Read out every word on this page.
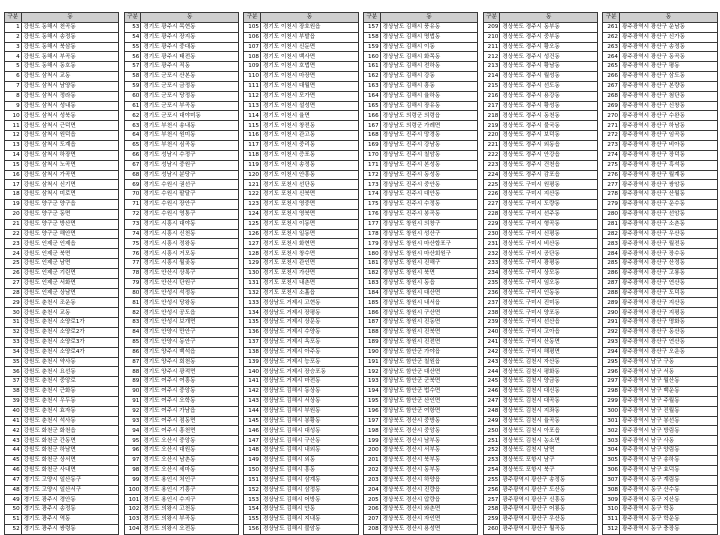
구분	동		구분	동		구분	동		구분	동		구분	동		구분	동
1	강원도 동해시 천곡동		53	경기도 광주시 목현동		105	경기도 이천시 장호원읍		157	경상남도 김해시 풍유동		209	경상북도 경주시 동부동		261	광주광역시 광산구 운남동
2	강원도 동해시 송정동		54	경기도 광주시 장지동		106	경기도 이천시 부발읍		158	경상남도 김해시 명법동		210	경상북도 경주시 중부동		262	광주광역시 광산구 신가동
3	강원도 동해시 북삼동		55	경기도 광주시 중대동		107	경기도 이천시 신둔면		159	경상남도 김해시 이동		211	경상북도 경주시 황오동		263	광주광역시 광산구 송정동
4	강원도 동해시 부곡동		56	경기도 광주시 태전동		108	경기도 이천시 백사면		160	경상남도 김해시 화목동		212	경상북도 경주시 성건동		264	광주광역시 광산구 동곡동
5	강원도 동해시 동호동		57	경기도 광주시 직동		109	경기도 이천시 호법면		161	경상남도 김해시 전하동		213	경상북도 경주시 황남동		265	광주광역시 광산구 평동
6	강원도 삼척시 교동		58	경기도 군포시 산본동		110	경기도 이천시 마장면		162	경상남도 김해시 강동		214	경상북도 경주시 월성동		266	광주광역시 광산구 삼도동
7	강원도 삼척시 남양동		59	경기도 군포시 금정동		111	경기도 이천시 대월면		163	경상남도 김해시 흥동		215	경상북도 경주시 선도동		267	광주광역시 광산구 본량동
8	강원도 삼척시 정라동		60	경기도 군포시 당정동		112	경기도 이천시 모가면		164	경상남도 김해시 율하동		216	경상북도 경주시 용강동		268	광주광역시 광산구 첨단동
9	강원도 삼척시 성내동		61	경기도 군포시 부곡동		113	경기도 이천시 설성면		165	경상남도 김해시 장유동		217	경상북도 경주시 황성동		269	광주광역시 광산구 신창동
10	강원도 삼척시 성북동		62	경기도 군포시 대야미동		114	경기도 이천시 율면		166	경상남도 의령군 의령읍		218	경상북도 경주시 동천동		270	광주광역시 광산구 수완동
11	강원도 삼척시 근덕면		63	경기도 부천시 송내동		115	경기도 이천시 창전동		167	경상남도 의령군 가례면		219	경상북도 경주시 불국동		271	광주광역시 광산구 하남동
12	강원도 삼척시 원덕읍		64	경기도 부천시 원미동		116	경기도 이천시 관고동		168	경상남도 진주시 망경동		220	경상북도 경주시 보덕동		272	광주광역시 광산구 임곡동
13	강원도 삼척시 도계읍		65	경기도 부천시 심곡동		117	경기도 이천시 중리동		169	경상남도 진주시 강남동		221	경상북도 경주시 외동읍		273	광주광역시 광산구 비아동
14	강원도 삼척시 하장면		66	경기도 성남시 수정구		118	경기도 이천시 증포동		170	경상남도 진주시 칠암동		222	경상북도 경주시 안강읍		274	광주광역시 광산구 장덕동
15	강원도 삼척시 노곡면		67	경기도 성남시 중원구		119	경기도 이천시 송정동		171	경상남도 진주시 본성동		223	경상북도 경주시 건천읍		275	광주광역시 광산구 흑석동
16	강원도 삼척시 가곡면		68	경기도 성남시 분당구		120	경기도 이천시 안흥동		172	경상남도 진주시 동성동		224	경상북도 경주시 감포읍		276	광주광역시 광산구 월계동
17	강원도 삼척시 신기면		69	경기도 수원시 권선구		121	경기도 포천시 선단동		173	경상남도 진주시 중안동		225	경상북도 구미시 원평동		277	광주광역시 광산구 쌍암동
18	강원도 삼척시 미로면		70	경기도 수원시 팔달구		122	경기도 포천시 신북면		174	경상남도 진주시 대안동		226	경상북도 구미시 지산동		278	광주광역시 광산구 산월동
19	강원도 양구군 양구읍		71	경기도 수원시 장안구		123	경기도 포천시 영중면		175	경상남도 진주시 수정동		227	경상북도 구미시 도량동		279	광주광역시 광산구 운수동
20	강원도 양구군 동면		72	경기도 수원시 영통구		124	경기도 포천시 영북면		176	경상남도 진주시 봉곡동		228	경상북도 구미시 선주동		280	광주광역시 광산구 선암동
21	강원도 양구군 방산면		73	경기도 시흥시 대야동		125	경기도 포천시 이동면		177	경상남도 창원시 의창구		229	경상북도 구미시 형곡동		281	광주광역시 광산구 소촌동
22	강원도 양구군 해안면		74	경기도 시흥시 신천동		126	경기도 포천시 일동면		178	경상남도 창원시 성산구		230	경상북도 구미시 신평동		282	광주광역시 광산구 우산동
23	강원도 인제군 인제읍		75	경기도 시흥시 정왕동		127	경기도 포천시 화현면		179	경상남도 창원시 마산합포구		231	경상북도 구미시 비산동		283	광주광역시 광산구 월전동
24	강원도 인제군 북면		76	경기도 시흥시 거모동		128	경기도 포천시 창수면		180	경상남도 창원시 마산회원구		232	경상북도 구미시 공단동		284	광주광역시 광산구 장수동
25	강원도 인제군 남면		77	경기도 시흥시 월곶동		129	경기도 포천시 관인면		181	경상남도 창원시 진해구		233	경상북도 구미시 광평동		285	광주광역시 광산구 산정동
26	강원도 인제군 기린면		78	경기도 안산시 상록구		130	경기도 포천시 가산면		182	경상남도 창원시 북면		234	경상북도 구미시 상모동		286	광주광역시 광산구 고룡동
27	강원도 인제군 서화면		79	경기도 안산시 단원구		131	경기도 포천시 내촌면		183	경상남도 창원시 동읍		235	경상북도 구미시 임오동		287	광주광역시 광산구 연산동
28	강원도 인제군 상남면		80	경기도 안성시 석정동		132	경기도 포천시 소흘읍		184	경상남도 창원시 대산면		236	경상북도 구미시 인동동		288	광주광역시 광산구 도덕동
29	강원도 춘천시 조운동		81	경기도 안성시 당왕동		133	경상남도 거제시 고현동		185	경상남도 창원시 내서읍		237	경상북도 구미시 진미동		289	광주광역시 광산구 지산동
30	강원도 춘천시 교동		82	경기도 안성시 공도읍		134	경상남도 거제시 장평동		186	경상남도 창원시 구산면		238	경상북도 구미시 양포동		290	광주광역시 광산구 지평동
31	강원도 춘천시 소양로1가		83	경기도 안성시 보개면		135	경상남도 거제시 상문동		187	경상남도 창원시 진동면		239	경상북도 구미시 선산읍		291	광주광역시 광산구 명화동
32	강원도 춘천시 소양로2가		84	경기도 안양시 만안구		136	경상남도 거제시 수양동		188	경상남도 창원시 진북면		240	경상북도 구미시 고아읍		292	광주광역시 광산구 동산동
33	강원도 춘천시 소양로3가		85	경기도 안양시 동안구		137	경상남도 거제시 옥포동		189	경상남도 창원시 진전면		241	경상북도 구미시 산동면		293	광주광역시 광산구 연산동
34	강원도 춘천시 소양로4가		86	경기도 양주시 백석읍		138	경상남도 거제시 아주동		190	경상남도 함안군 가야읍		242	경상북도 구미시 해평면		294	광주광역시 광산구 오운동
35	강원도 춘천시 약사동		87	경기도 양주시 회천동		139	경상남도 거제시 능포동		191	경상남도 함안군 칠원읍		243	경상북도 김천시 자산동		295	광주광역시 남구 구동
36	강원도 춘천시 요선동		88	경기도 양주시 광적면		140	경상남도 거제시 장승포동		192	경상남도 함안군 대산면		244	경상북도 김천시 평화동		296	광주광역시 남구 서동
37	강원도 춘천시 중앙로		89	경기도 여주시 여흥동		141	경상남도 거제시 마전동		193	경상남도 함안군 군북면		245	경상북도 김천시 양금동		297	광주광역시 남구 월산동
38	강원도 춘천시 근화동		90	경기도 여주시 중앙동		142	경상남도 김해시 동상동		194	경상남도 함안군 법수면		246	경상북도 김천시 대신동		298	광주광역시 남구 백운동
39	강원도 춘천시 우두동		91	경기도 여주시 오학동		143	경상남도 김해시 서상동		195	경상남도 함안군 산인면		247	경상북도 김천시 대곡동		299	광주광역시 남구 주월동
40	강원도 춘천시 효자동		92	경기도 여주시 가남읍		144	경상남도 김해시 부원동		196	경상남도 함안군 여항면		248	경상북도 김천시 지좌동		300	광주광역시 남구 진월동
41	강원도 춘천시 석사동		93	경기도 여주시 점동면		145	경상남도 김해시 봉황동		197	경상북도 경산시 중방동		249	경상북도 김천시 율곡동		301	광주광역시 남구 봉선동
42	강원도 화천군 화천읍		94	경기도 여주시 흥천면		146	경상남도 김해시 대성동		198	경상북도 경산시 중앙동		250	경상북도 김천시 아포읍		302	광주광역시 남구 방림동
43	강원도 화천군 간동면		95	경기도 오산시 중앙동		147	경상남도 김해시 구산동		199	경상북도 경산시 남부동		251	경상북도 김천시 농소면		303	광주광역시 남구 사동
44	강원도 화천군 하남면		96	경기도 오산시 대원동		148	경상남도 김해시 내외동		200	경상북도 경산시 서부동		252	경상북도 김천시 남면		304	광주광역시 남구 양림동
45	강원도 화천군 상서면		97	경기도 오산시 남촌동		149	경상남도 김해시 외동		201	경상북도 경산시 북부동		253	경상북도 포항시 남구		305	광주광역시 남구 송하동
46	강원도 화천군 사내면		98	경기도 오산시 세마동		150	경상남도 김해시 흥동		202	경상북도 경산시 동부동		254	경상북도 포항시 북구		306	광주광역시 남구 효덕동
47	경기도 고양시 일산동구		99	경기도 용인시 처인구		151	경상남도 김해시 삼계동		203	경상북도 경산시 하양읍		255	광주광역시 광산구 송정동		307	광주광역시 동구 계림동
48	경기도 고양시 일산서구		100	경기도 용인시 기흥구		152	경상남도 김해시 삼정동		204	경상북도 경산시 진량읍		256	광주광역시 광산구 도산동		308	광주광역시 동구 산수동
49	경기도 광주시 경안동		101	경기도 용인시 수지구		153	경상남도 김해시 어방동		205	경상북도 경산시 압량읍		257	광주광역시 광산구 신흥동		309	광주광역시 동구 지산동
50	경기도 광주시 송정동		102	경기도 의왕시 고천동		154	경상남도 김해시 안동		206	경상북도 경산시 와촌면		258	광주광역시 광산구 어룡동		310	광주광역시 동구 학동
51	경기도 광주시 역동		103	경기도 의왕시 부곡동		155	경상남도 김해시 지내동		207	경상북도 경산시 자인면		259	광주광역시 광산구 우산동		311	광주광역시 동구 학운동
52	경기도 광주시 쌍령동		104	경기도 의왕시 오전동		156	경상남도 김해시 불암동		208	경상북도 경산시 용성면		260	광주광역시 광산구 월곡동		312	광주광역시 동구 충장동
